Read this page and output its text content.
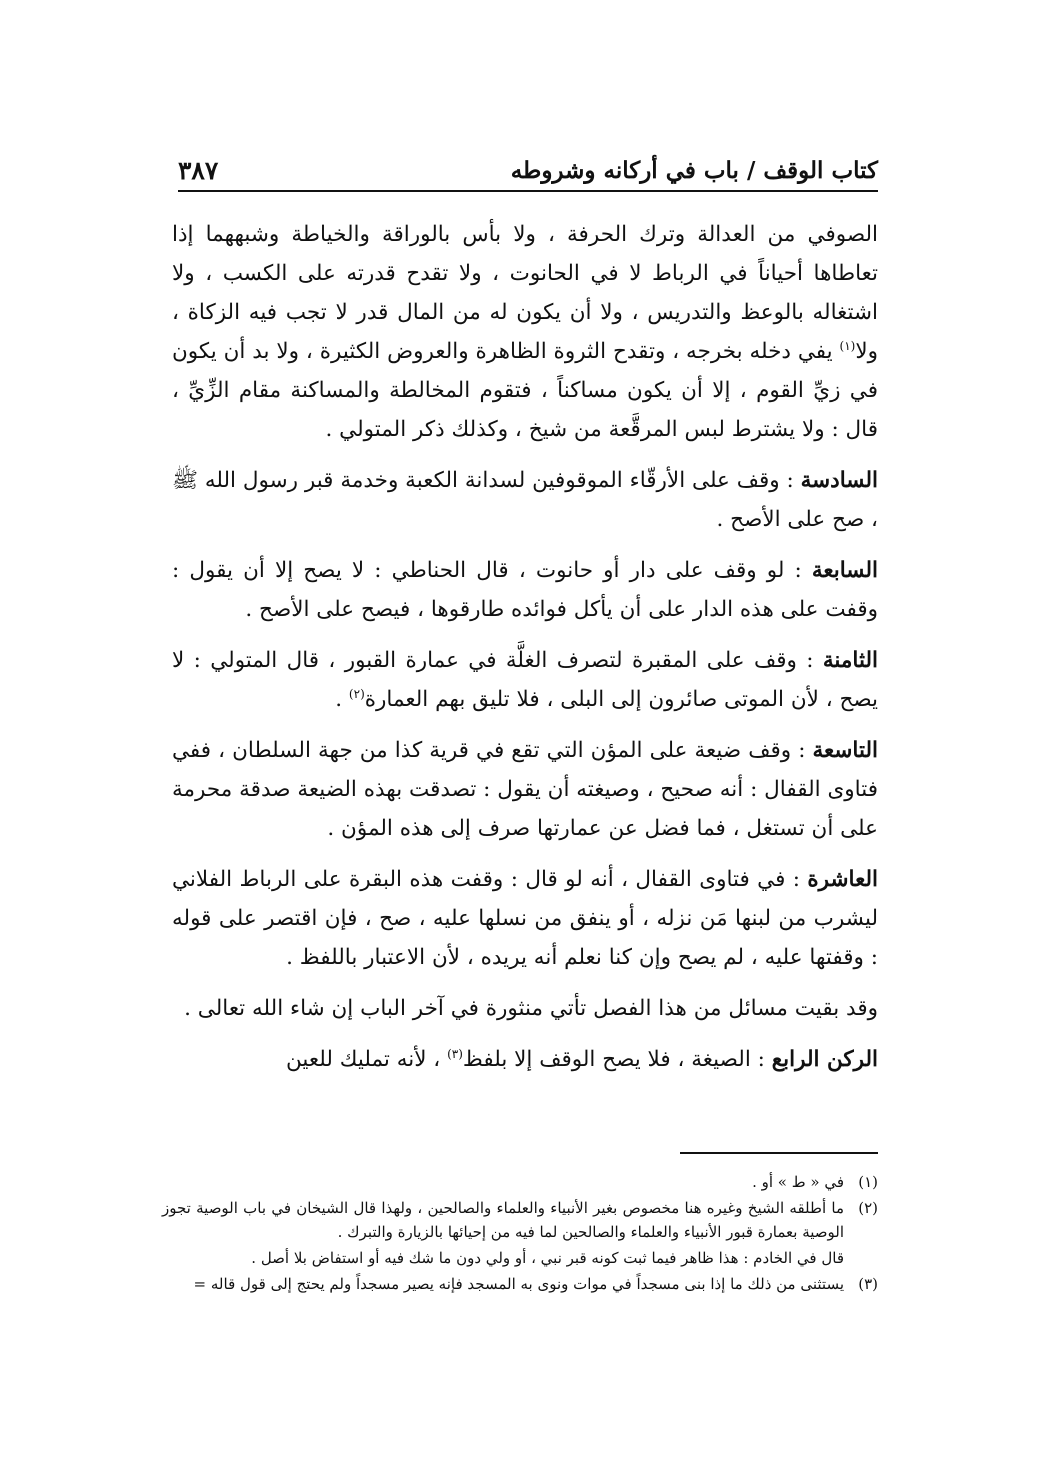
كتاب الوقف / باب في أركانه وشروطه
٣٨٧

الصوفي من العدالة وترك الحرفة ، ولا بأس بالوراقة والخياطة وشبههما إذا تعاطاها أحياناً في الرباط لا في الحانوت ، ولا تقدح قدرته على الكسب ، ولا اشتغاله بالوعظ والتدريس ، ولا أن يكون له من المال قدر لا تجب فيه الزكاة ، ولا$^{(١)}$ يفي دخله بخرجه ، وتقدح الثروة الظاهرة والعروض الكثيرة ، ولا بد أن يكون في زيِّ القوم ، إلا أن يكون مساكناً ، فتقوم المخالطة والمساكنة مقام الزِّيِّ ، قال : ولا يشترط لبس المرقَّعة من شيخ ، وكذلك ذكر المتولي .

السادسة : وقف على الأرقّاء الموقوفين لسدانة الكعبة وخدمة قبر رسول الله ﷺ ، صح على الأصح .

السابعة : لو وقف على دار أو حانوت ، قال الحناطي : لا يصح إلا أن يقول : وقفت على هذه الدار على أن يأكل فوائده طارقوها ، فيصح على الأصح .

الثامنة : وقف على المقبرة لتصرف الغلَّة في عمارة القبور ، قال المتولي : لا يصح ، لأن الموتى صائرون إلى البلى ، فلا تليق بهم العمارة$^{(٢)}$ .

التاسعة : وقف ضيعة على المؤن التي تقع في قرية كذا من جهة السلطان ، ففي فتاوى القفال : أنه صحيح ، وصيغته أن يقول : تصدقت بهذه الضيعة صدقة محرمة على أن تستغل ، فما فضل عن عمارتها صرف إلى هذه المؤن .

العاشرة : في فتاوى القفال ، أنه لو قال : وقفت هذه البقرة على الرباط الفلاني ليشرب من لبنها مَن نزله ، أو ينفق من نسلها عليه ، صح ، فإن اقتصر على قوله : وقفتها عليه ، لم يصح وإن كنا نعلم أنه يريده ، لأن الاعتبار باللفظ .

وقد بقيت مسائل من هذا الفصل تأتي منثورة في آخر الباب إن شاء الله تعالى .

الركن الرابع : الصيغة ، فلا يصح الوقف إلا بلفظ$^{(٣)}$ ، لأنه تمليك للعين

(١)
في « ط » أو .
(٢)
ما أطلقه الشيخ وغيره هنا مخصوص بغير الأنبياء والعلماء والصالحين ، ولهذا قال الشيخان في باب الوصية تجوز الوصية بعمارة قبور الأنبياء والعلماء والصالحين لما فيه من إحيائها بالزيارة والتبرك .
قال في الخادم : هذا ظاهر فيما ثبت كونه قبر نبي ، أو ولي دون ما شك فيه أو استفاض بلا أصل .
(٣)
يستثنى من ذلك ما إذا بنى مسجداً في موات ونوى به المسجد فإنه يصير مسجداً ولم يحتج إلى قول قاله =
